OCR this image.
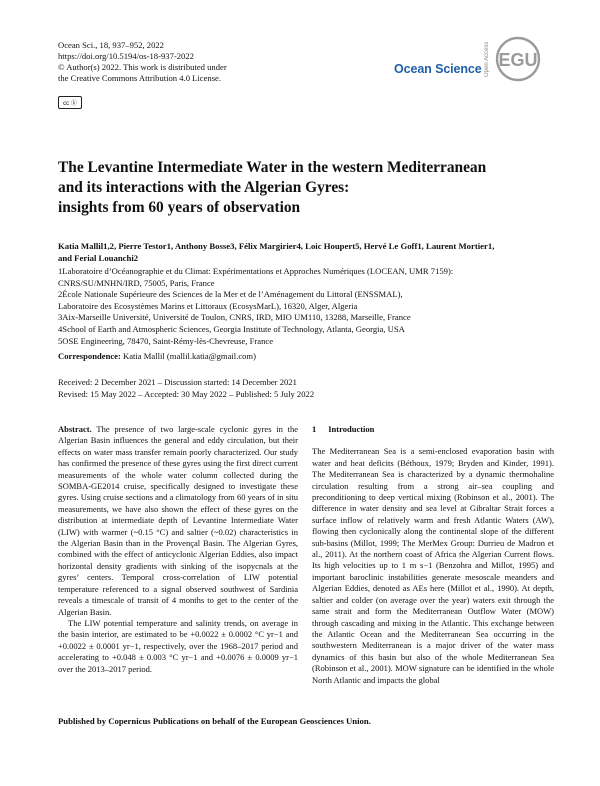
Ocean Sci., 18, 937–952, 2022
https://doi.org/10.5194/os-18-937-2022
© Author(s) 2022. This work is distributed under
the Creative Commons Attribution 4.0 License.
cc ⓑ
Ocean Science Open Access EGU
The Levantine Intermediate Water in the western Mediterranean
and its interactions with the Algerian Gyres:
insights from 60 years of observation
Katia Mallil1,2, Pierre Testor1, Anthony Bosse3, Félix Margirier4, Loic Houpert5, Hervé Le Goff1, Laurent Mortier1,
and Ferial Louanchi2
1Laboratoire d’Océanographie et du Climat: Expérimentations et Approches Numériques (LOCEAN, UMR 7159):
CNRS/SU/MNHN/IRD, 75005, Paris, France
2École Nationale Supérieure des Sciences de la Mer et de l’Aménagement du Littoral (ENSSMAL),
Laboratoire des Ecosystèmes Marins et Littoraux (EcosysMarL), 16320, Alger, Algeria
3Aix-Marseille Université, Université de Toulon, CNRS, IRD, MIO UM110, 13288, Marseille, France
4School of Earth and Atmospheric Sciences, Georgia Institute of Technology, Atlanta, Georgia, USA
5OSE Engineering, 78470, Saint-Rémy-lès-Chevreuse, France
Correspondence: Katia Mallil (mallil.katia@gmail.com)
Received: 2 December 2021 – Discussion started: 14 December 2021
Revised: 15 May 2022 – Accepted: 30 May 2022 – Published: 5 July 2022

Abstract. The presence of two large-scale cyclonic gyres in the Algerian Basin influences the general and eddy circulation, but their effects on water mass transfer remain poorly characterized. Our study has confirmed the presence of these gyres using the first direct current measurements of the whole water column collected during the SOMBA-GE2014 cruise, specifically designed to investigate these gyres. Using cruise sections and a climatology from 60 years of in situ measurements, we have also shown the effect of these gyres on the distribution at intermediate depth of Levantine Intermediate Water (LIW) with warmer (~0.15 °C) and saltier (~0.02) characteristics in the Algerian Basin than in the Provençal Basin. The Algerian Gyres, combined with the effect of anticyclonic Algerian Eddies, also impact horizontal density gradients with sinking of the isopycnals at the gyres’ centers. Temporal cross-correlation of LIW potential temperature referenced to a signal observed southwest of Sardinia reveals a timescale of transit of 4 months to get to the center of the Algerian Basin.

The LIW potential temperature and salinity trends, on average in the basin interior, are estimated to be +0.0022 ± 0.0002 °C yr−1 and +0.0022 ± 0.0001 yr−1, respectively, over the 1968–2017 period and accelerating to +0.048 ± 0.003 °C yr−1 and +0.0076 ± 0.0009 yr−1 over the 2013–2017 period.

1 Introduction

The Mediterranean Sea is a semi-enclosed evaporation basin with water and heat deficits (Béthoux, 1979; Bryden and Kinder, 1991). The Mediterranean Sea is characterized by a dynamic thermohaline circulation resulting from a strong air–sea coupling and preconditioning to deep vertical mixing (Robinson et al., 2001). The difference in water density and sea level at Gibraltar Strait forces a surface inflow of relatively warm and fresh Atlantic Waters (AW), flowing then cyclonically along the continental slope of the different sub-basins (Millot, 1999; The MerMex Group: Durrieu de Madron et al., 2011). At the northern coast of Africa the Algerian Current flows. Its high velocities up to 1 m s−1 (Benzohra and Millot, 1995) and important baroclinic instabilities generate mesoscale meanders and Algerian Eddies, denoted as AEs here (Millot et al., 1990). At depth, saltier and colder (on average over the year) waters exit through the same strait and form the Mediterranean Outflow Water (MOW) through cascading and mixing in the Atlantic. This exchange between the Atlantic Ocean and the Mediterranean Sea occurring in the southwestern Mediterranean is a major driver of the water mass dynamics of this basin but also of the whole Mediterranean Sea (Robinson et al., 2001). MOW signature can be identified in the whole North Atlantic and impacts the global

Published by Copernicus Publications on behalf of the European Geosciences Union.
